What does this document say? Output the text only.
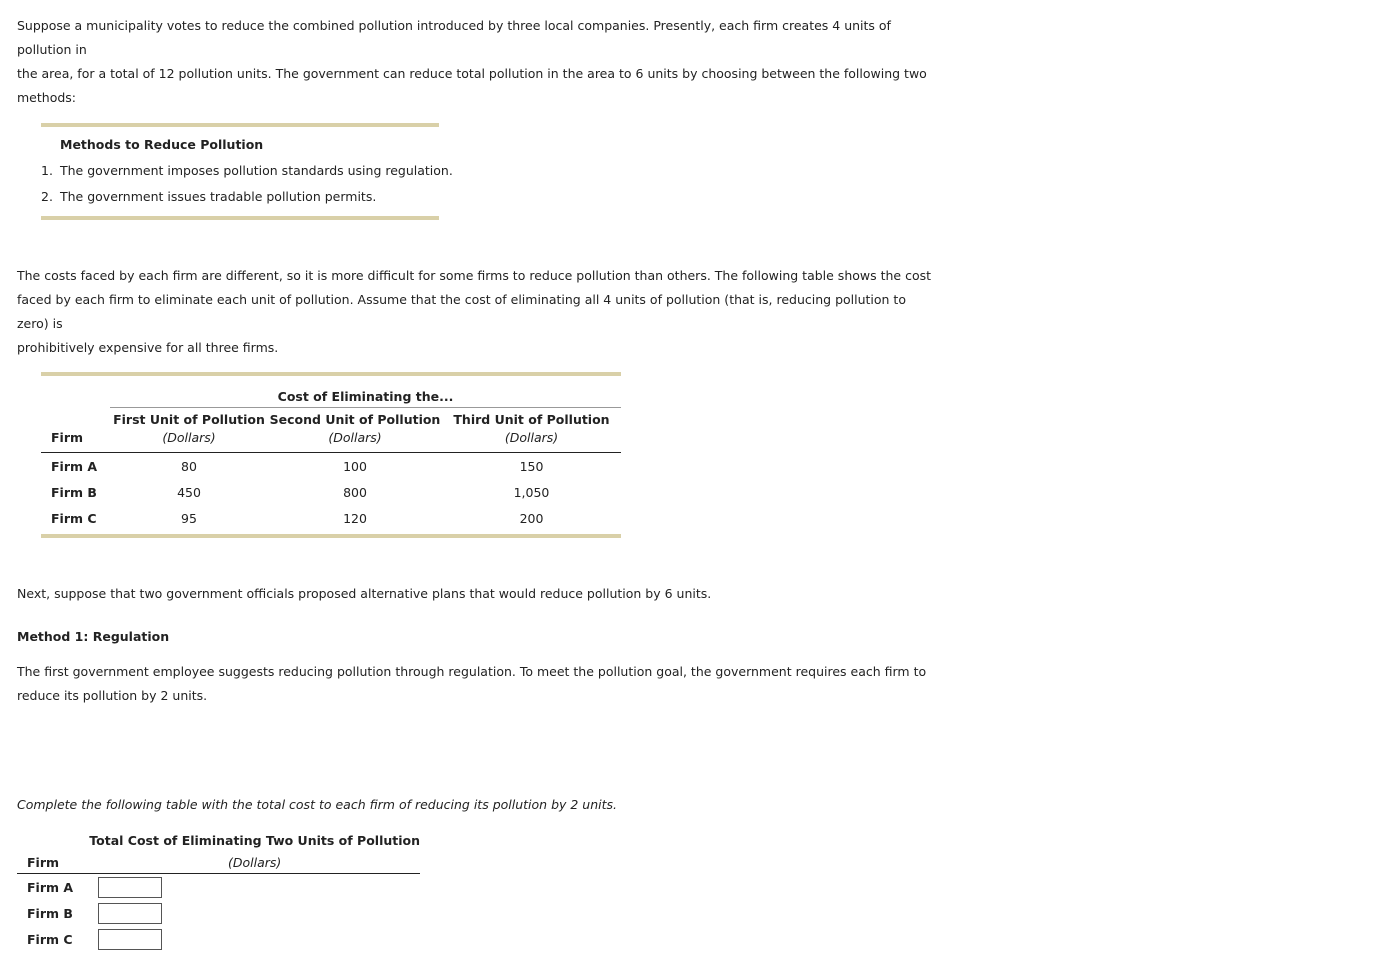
Suppose a municipality votes to reduce the combined pollution introduced by three local companies. Presently, each firm creates 4 units of pollution in
the area, for a total of 12 pollution units. The government can reduce total pollution in the area to 6 units by choosing between the following two
methods:

Methods to Reduce Pollution

1. The government imposes pollution standards using regulation.
2. The government issues tradable pollution permits.
The costs faced by each firm are different, so it is more difficult for some firms to reduce pollution than others. The following table shows the cost
faced by each firm to eliminate each unit of pollution. Assume that the cost of eliminating all 4 units of pollution (that is, reducing pollution to zero) is
prohibitively expensive for all three firms.
	Cost of Eliminating the...		
	First Unit of Pollution	Second Unit of Pollution	Third Unit of Pollution
Firm	(Dollars)	(Dollars)	(Dollars)
Firm A	80	100	150
Firm B	450	800	1,050
Firm C	95	120	200
Next, suppose that two government officials proposed alternative plans that would reduce pollution by 6 units.

Method 1: Regulation

The first government employee suggests reducing pollution through regulation. To meet the pollution goal, the government requires each firm to
reduce its pollution by 2 units.

Complete the following table with the total cost to each firm of reducing its pollution by 2 units.

	Total Cost of Eliminating Two Units of Pollution
Firm	(Dollars)
Firm A	
Firm B	
Firm C	
